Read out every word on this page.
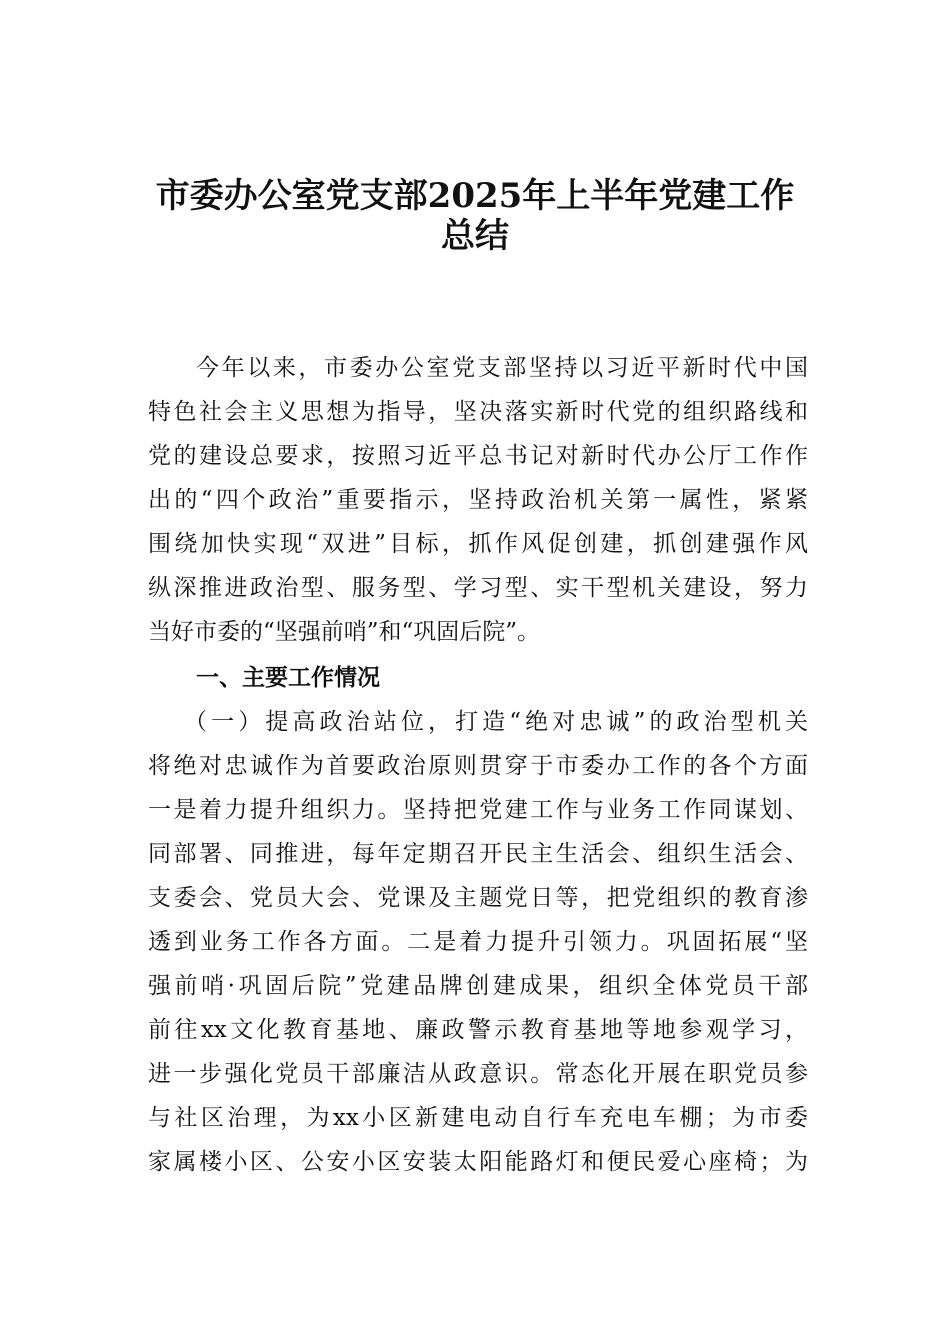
市委办公室党支部2025年上半年党建工作
总结

今年以来，市委办公室党支部坚持以习近平新时代中国

特色社会主义思想为指导，坚决落实新时代党的组织路线和

党的建设总要求，按照习近平总书记对新时代办公厅工作作

出的“四个政治”重要指示，坚持政治机关第一属性，紧紧

围绕加快实现“双进”目标，抓作风促创建，抓创建强作风

纵深推进政治型、服务型、学习型、实干型机关建设，努力

当好市委的“坚强前哨”和“巩固后院”。

一、主要工作情况

（一）提高政治站位，打造“绝对忠诚”的政治型机关

将绝对忠诚作为首要政治原则贯穿于市委办工作的各个方面

一是着力提升组织力。坚持把党建工作与业务工作同谋划、

同部署、同推进，每年定期召开民主生活会、组织生活会、

支委会、党员大会、党课及主题党日等，把党组织的教育渗

透到业务工作各方面。二是着力提升引领力。巩固拓展“坚

强前哨·巩固后院”党建品牌创建成果，组织全体党员干部

前往xx文化教育基地、廉政警示教育基地等地参观学习，

进一步强化党员干部廉洁从政意识。常态化开展在职党员参

与社区治理，为xx小区新建电动自行车充电车棚；为市委

家属楼小区、公安小区安装太阳能路灯和便民爱心座椅；为
